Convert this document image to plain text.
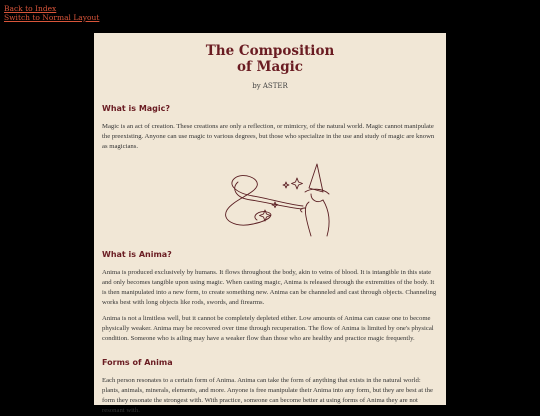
Back to Index
Switch to Normal Layout
The Composition
of Magic
by ASTER
What is Magic?

Magic is an act of creation. These creations are only a reflection, or mimicry, of the natural world. Magic cannot manipulate the preexisting. Anyone can use magic to various degrees, but those who specialize in the use and study of magic are known as magicians.

What is Anima?

Anima is produced exclusively by humans. It flows throughout the body, akin to veins of blood. It is intangible in this state and only becomes tangible upon using magic. When casting magic, Anima is released through the extremities of the body. It is then manipulated into a new form, to create something new. Anima can be channeled and cast through objects. Channeling works best with long objects like rods, swords, and firearms.

Anima is not a limitless well, but it cannot be completely depleted either. Low amounts of Anima can cause one to become physically weaker. Anima may be recovered over time through recuperation. The flow of Anima is limited by one's physical condition. Someone who is ailing may have a weaker flow than those who are healthy and practice magic frequently.

Forms of Anima

Each person resonates to a certain form of Anima. Anima can take the form of anything that exists in the natural world: plants, animals, minerals, elements, and more. Anyone is free manipulate their Anima into any form, but they are best at the form they resonate the strongest with. With practice, someone can become better at using forms of Anima they are not resonant with.
